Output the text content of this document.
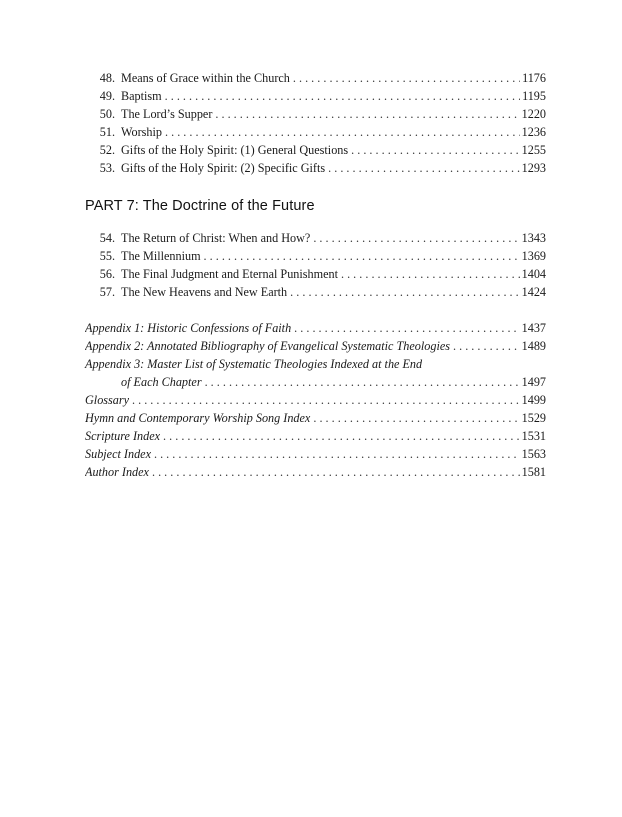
48. Means of Grace within the Church . . .	1176
49. Baptism . . .	1195
50. The Lord’s Supper . . .	1220
51. Worship . . .	1236
52. Gifts of the Holy Spirit: (1) General Questions . . .	1255
53. Gifts of the Holy Spirit: (2) Specific Gifts . . .	1293
PART 7: The Doctrine of the Future
54. The Return of Christ: When and How? . . .	1343
55. The Millennium . . .	1369
56. The Final Judgment and Eternal Punishment . . .	1404
57. The New Heavens and New Earth . . .	1424
Appendix 1: Historic Confessions of Faith . . .	1437
Appendix 2: Annotated Bibliography of Evangelical Systematic Theologies . . .	1489
Appendix 3: Master List of Systematic Theologies Indexed at the End
of Each Chapter . . .	1497
Glossary . . .	1499
Hymn and Contemporary Worship Song Index . . .	1529
Scripture Index . . .	1531
Subject Index . . .	1563
Author Index . . .	1581
